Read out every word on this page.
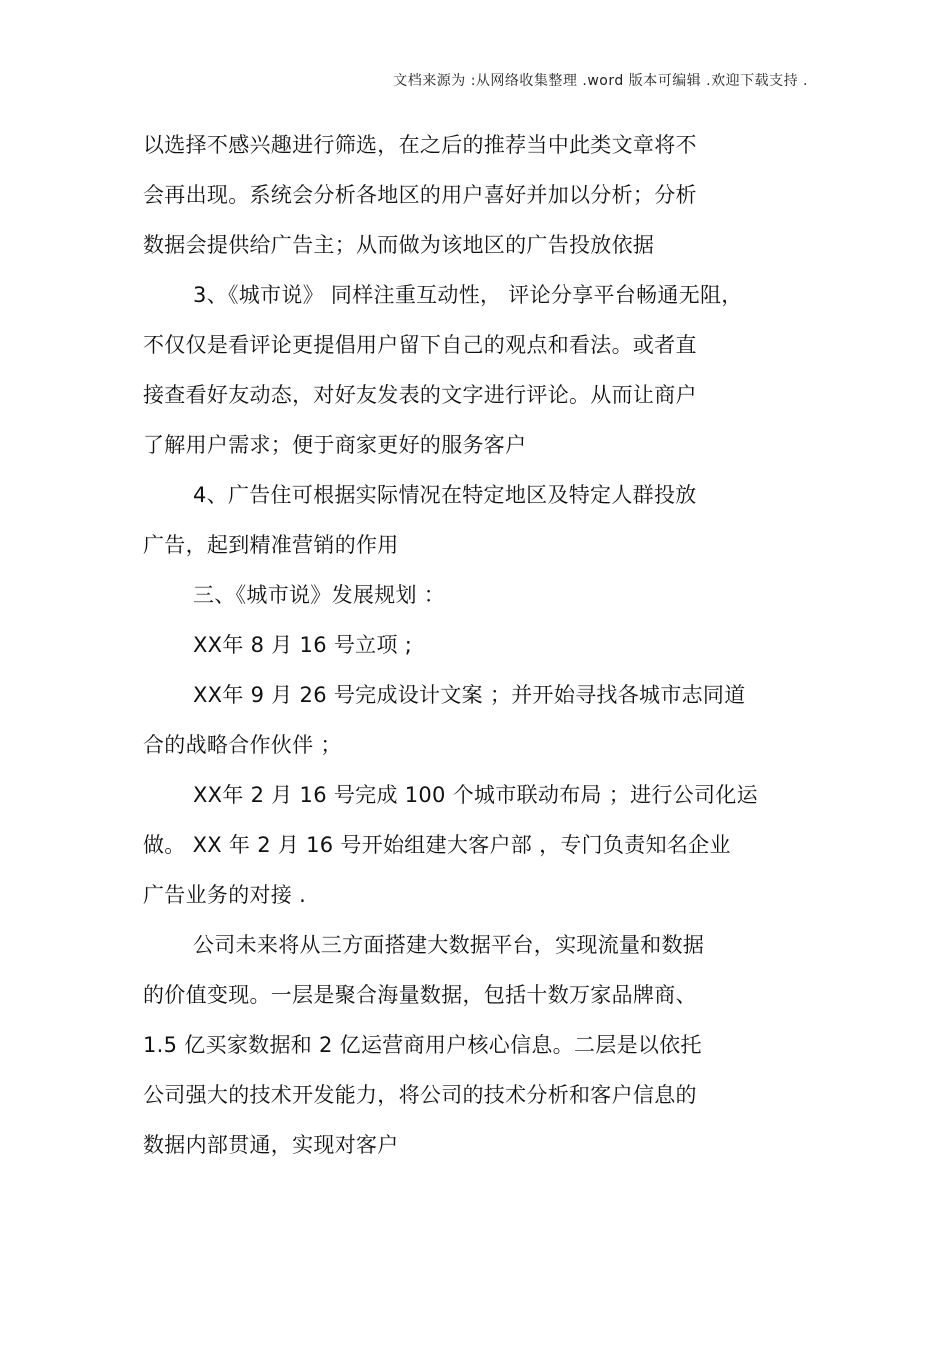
文档来源为 :从网络收集整理 .word 版本可编辑 .欢迎下载支持 .
以选择不感兴趣进行筛选，在之后的推荐当中此类文章将不
会再出现。系统会分析各地区的用户喜好并加以分析；分析
数据会提供给广告主；从而做为该地区的广告投放依据
3、《城市说》 同样注重互动性， 评论分享平台畅通无阻，
不仅仅是看评论更提倡用户留下自己的观点和看法。或者直
接查看好友动态，对好友发表的文字进行评论。从而让商户
了解用户需求；便于商家更好的服务客户
4、广告住可根据实际情况在特定地区及特定人群投放
广告，起到精准营销的作用
三、《城市说》发展规划 ：
XX年 8 月 16 号立项 ;
XX年 9 月 26 号完成设计文案 ；并开始寻找各城市志同道
合的战略合作伙伴 ；
XX年 2 月 16 号完成 100 个城市联动布局 ；进行公司化运
做。 XX 年 2 月 16 号开始组建大客户部 ，专门负责知名企业
广告业务的对接 .
公司未来将从三方面搭建大数据平台，实现流量和数据
的价值变现。一层是聚合海量数据，包括十数万家品牌商、
1.5 亿买家数据和 2 亿运营商用户核心信息。二层是以依托
公司强大的技术开发能力，将公司的技术分析和客户信息的
数据内部贯通，实现对客户
